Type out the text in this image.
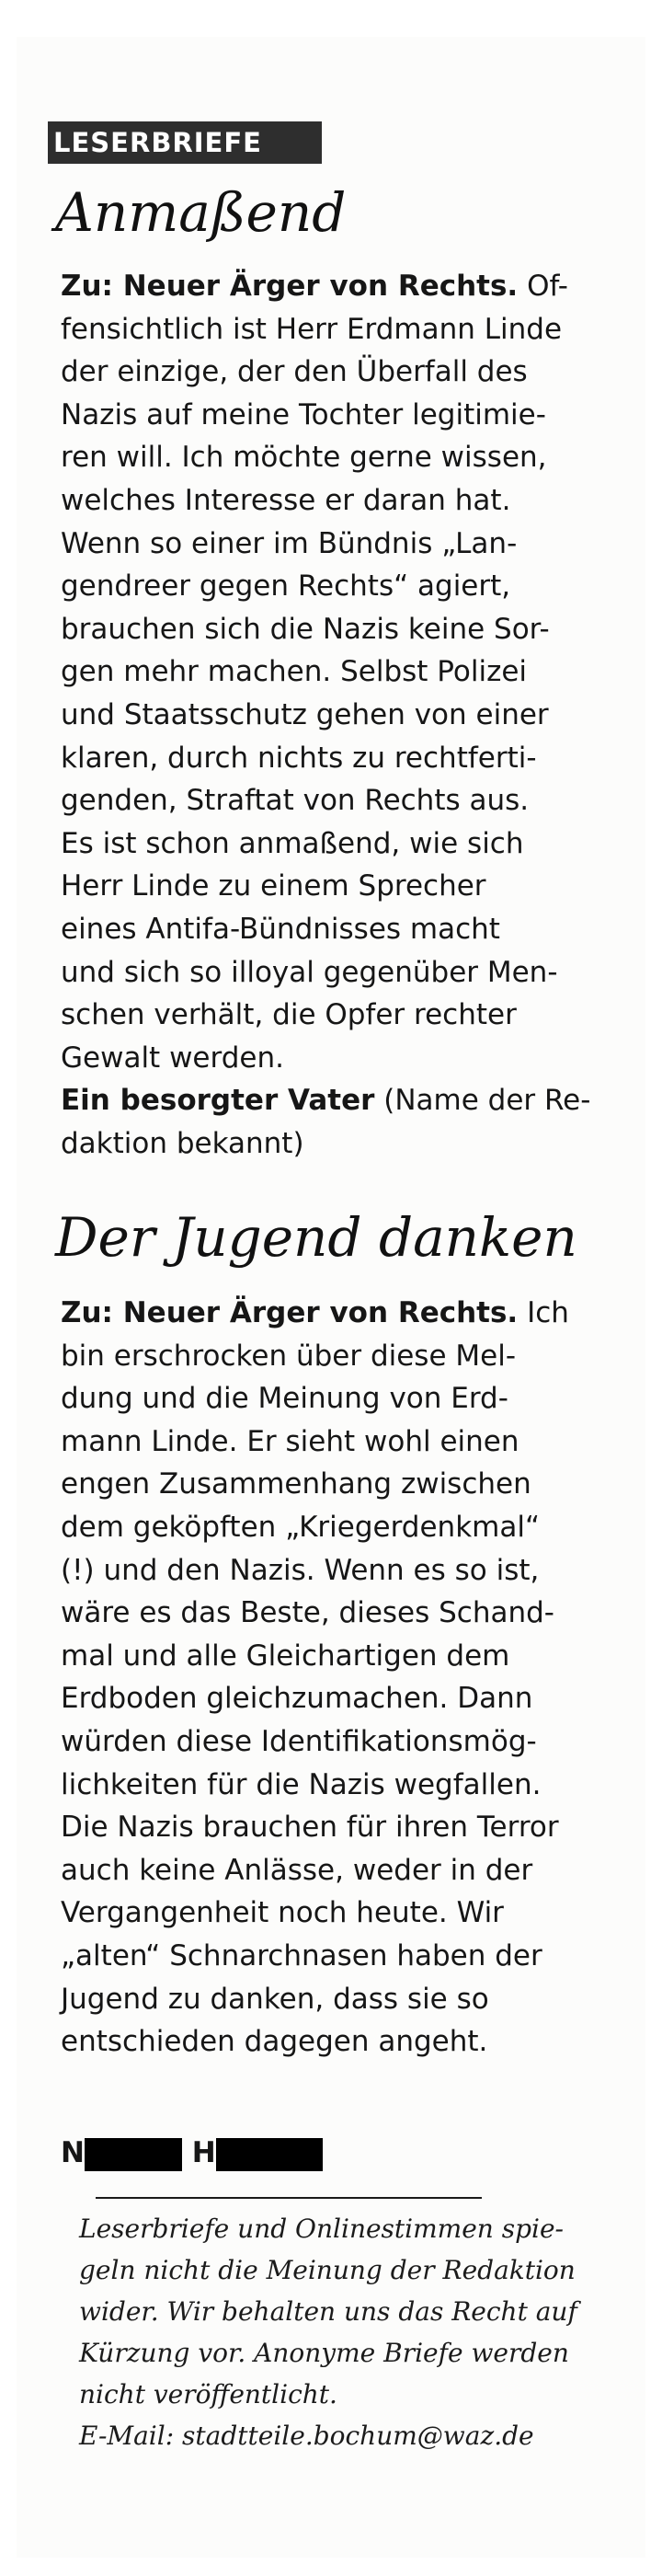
LESERBRIEFE
Anmaßend
Zu: Neuer Ärger von Rechts. Of-
fensichtlich ist Herr Erdmann Linde
der einzige, der den Überfall des
Nazis auf meine Tochter legitimie-
ren will. Ich möchte gerne wissen,
welches Interesse er daran hat.
Wenn so einer im Bündnis „Lan-
gendreer gegen Rechts“ agiert,
brauchen sich die Nazis keine Sor-
gen mehr machen. Selbst Polizei
und Staatsschutz gehen von einer
klaren, durch nichts zu rechtferti-
genden, Straftat von Rechts aus.
Es ist schon anmaßend, wie sich
Herr Linde zu einem Sprecher
eines Antifa-Bündnisses macht
und sich so illoyal gegenüber Men-
schen verhält, die Opfer rechter
Gewalt werden.
Ein besorgter Vater (Name der Re-
daktion bekannt)
Der Jugend danken
Zu: Neuer Ärger von Rechts. Ich
bin erschrocken über diese Mel-
dung und die Meinung von Erd-
mann Linde. Er sieht wohl einen
engen Zusammenhang zwischen
dem geköpften „Kriegerdenkmal“
(!) und den Nazis. Wenn es so ist,
wäre es das Beste, dieses Schand-
mal und alle Gleichartigen dem
Erdboden gleichzumachen. Dann
würden diese Identifikationsmög-
lichkeiten für die Nazis wegfallen.
Die Nazis brauchen für ihren Terror
auch keine Anlässe, weder in der
Vergangenheit noch heute. Wir
„alten“ Schnarchnasen haben der
Jugend zu danken, dass sie so
entschieden dagegen angeht.
N	H
Leserbriefe und Onlinestimmen spie-
geln nicht die Meinung der Redaktion
wider. Wir behalten uns das Recht auf
Kürzung vor. Anonyme Briefe werden
nicht veröffentlicht.
E-Mail: stadtteile.bochum@waz.de
